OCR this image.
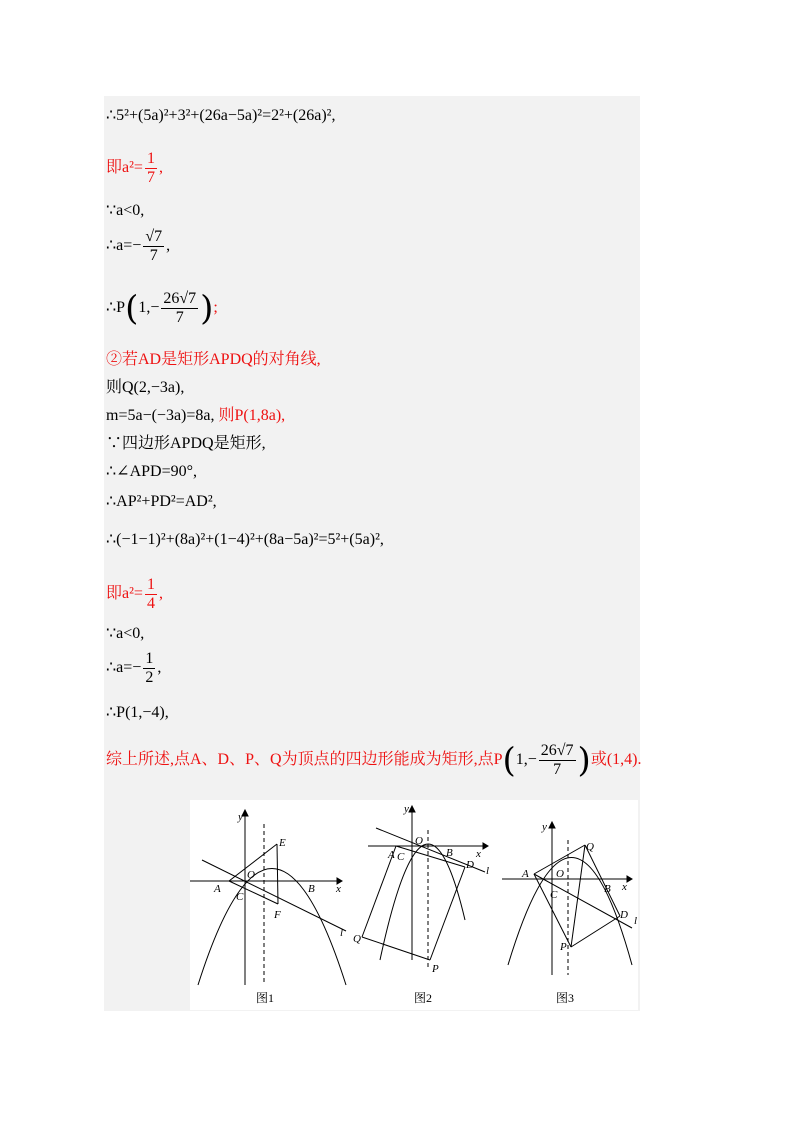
∴5²+(5a)²+3²+(26a−5a)²=2²+(26a)²,
即$a^2= \frac{1}{7}$ ,
∵a<0,
∴a=− $\frac{√7}{7}$ ,
∴P(1,− $\frac{26√7}{7}$ );
②若AD是矩形APDQ的对角线,
则Q(2,−3a),
m=5a−(−3a)=8a, 则P(1,8a),
∵四边形APDQ是矩形,
∴∠APD=90°,
∴AP²+PD²=AD²,
∴(−1−1)²+(8a)²+(1−4)²+(8a−5a)²=5²+(5a)²,
即$a^2= \frac{1}{4}$ ,
∵a<0,
∴a=− $\frac{1}{2}$ ,
∴P(1,−4),
综上所述,点A、D、P、Q为顶点的四边形能成为矩形,点$P(1,- \frac{26√7}{7}$ )或(1,4).
y
x
O
A	B
C
E
F
l
图1
y
x
O
A C	B
D l
Q
P
图2
y
x
O
A
C	B
Q
D l
P
图3
